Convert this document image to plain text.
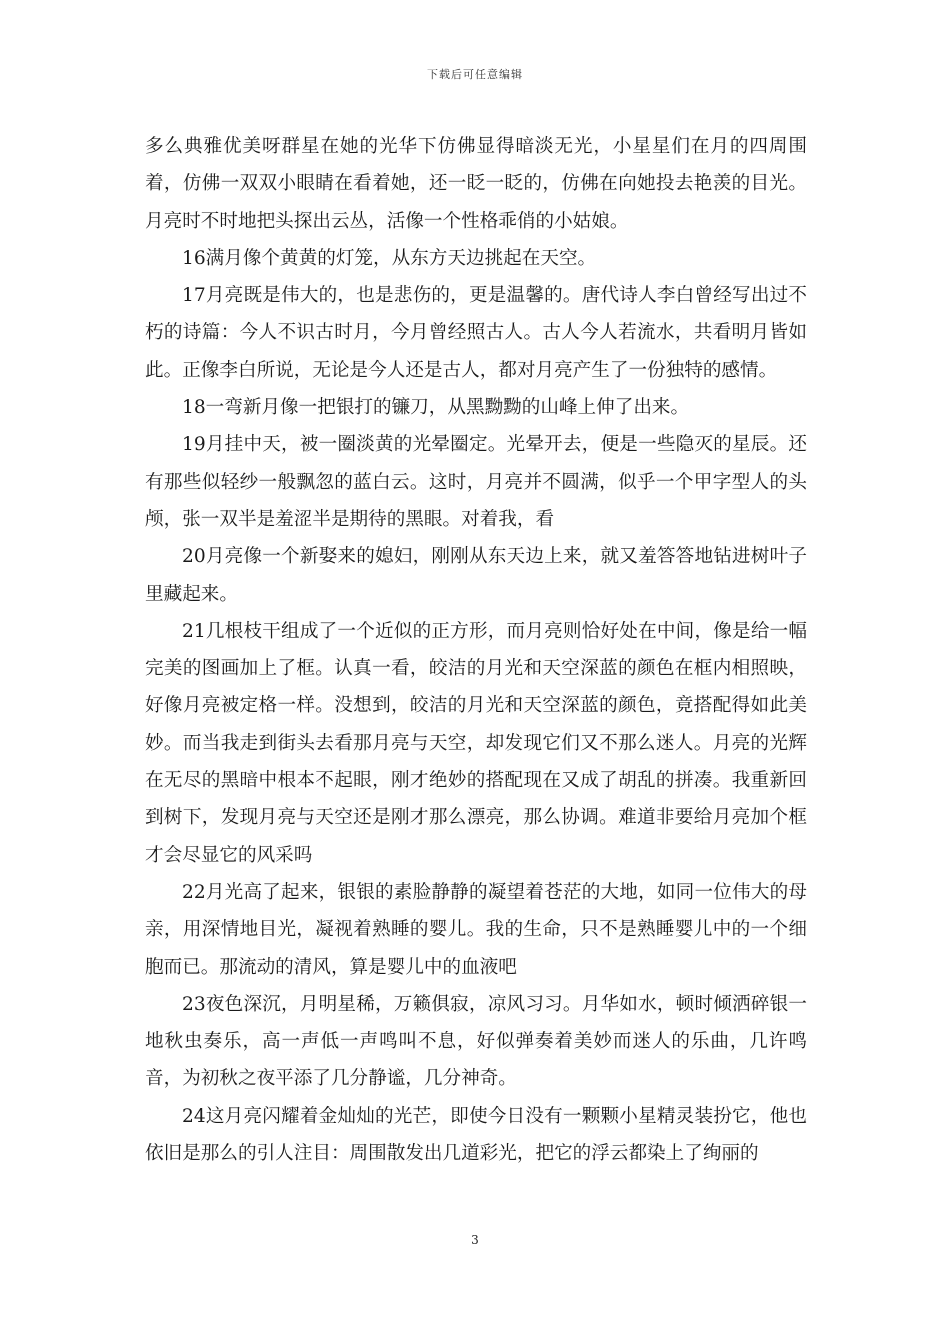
下载后可任意编辑

多么典雅优美呀群星在她的光华下仿佛显得暗淡无光，小星星们在月的四周围着，仿佛一双双小眼睛在看着她，还一眨一眨的，仿佛在向她投去艳羡的目光。月亮时不时地把头探出云丛，活像一个性格乖俏的小姑娘。

16满月像个黄黄的灯笼，从东方天边挑起在天空。

17月亮既是伟大的，也是悲伤的，更是温馨的。唐代诗人李白曾经写出过不朽的诗篇：今人不识古时月，今月曾经照古人。古人今人若流水，共看明月皆如此。正像李白所说，无论是今人还是古人，都对月亮产生了一份独特的感情。

18一弯新月像一把银打的镰刀，从黑黝黝的山峰上伸了出来。

19月挂中天，被一圈淡黄的光晕圈定。光晕开去，便是一些隐灭的星辰。还有那些似轻纱一般飘忽的蓝白云。这时，月亮并不圆满，似乎一个甲字型人的头颅，张一双半是羞涩半是期待的黑眼。对着我，看

20月亮像一个新娶来的媳妇，刚刚从东天边上来，就又羞答答地钻进树叶子里藏起来。

21几根枝干组成了一个近似的正方形，而月亮则恰好处在中间，像是给一幅完美的图画加上了框。认真一看，皎洁的月光和天空深蓝的颜色在框内相照映，好像月亮被定格一样。没想到，皎洁的月光和天空深蓝的颜色，竟搭配得如此美妙。而当我走到街头去看那月亮与天空，却发现它们又不那么迷人。月亮的光辉在无尽的黑暗中根本不起眼，刚才绝妙的搭配现在又成了胡乱的拼凑。我重新回到树下，发现月亮与天空还是刚才那么漂亮，那么协调。难道非要给月亮加个框才会尽显它的风采吗

22月光高了起来，银银的素脸静静的凝望着苍茫的大地，如同一位伟大的母亲，用深情地目光，凝视着熟睡的婴儿。我的生命，只不是熟睡婴儿中的一个细胞而已。那流动的清风，算是婴儿中的血液吧

23夜色深沉，月明星稀，万籁俱寂，凉风习习。月华如水，顿时倾洒碎银一地秋虫奏乐，高一声低一声鸣叫不息，好似弹奏着美妙而迷人的乐曲，几许鸣音，为初秋之夜平添了几分静谧，几分神奇。

24这月亮闪耀着金灿灿的光芒，即使今日没有一颗颗小星精灵装扮它，他也依旧是那么的引人注目：周围散发出几道彩光，把它的浮云都染上了绚丽的

3
